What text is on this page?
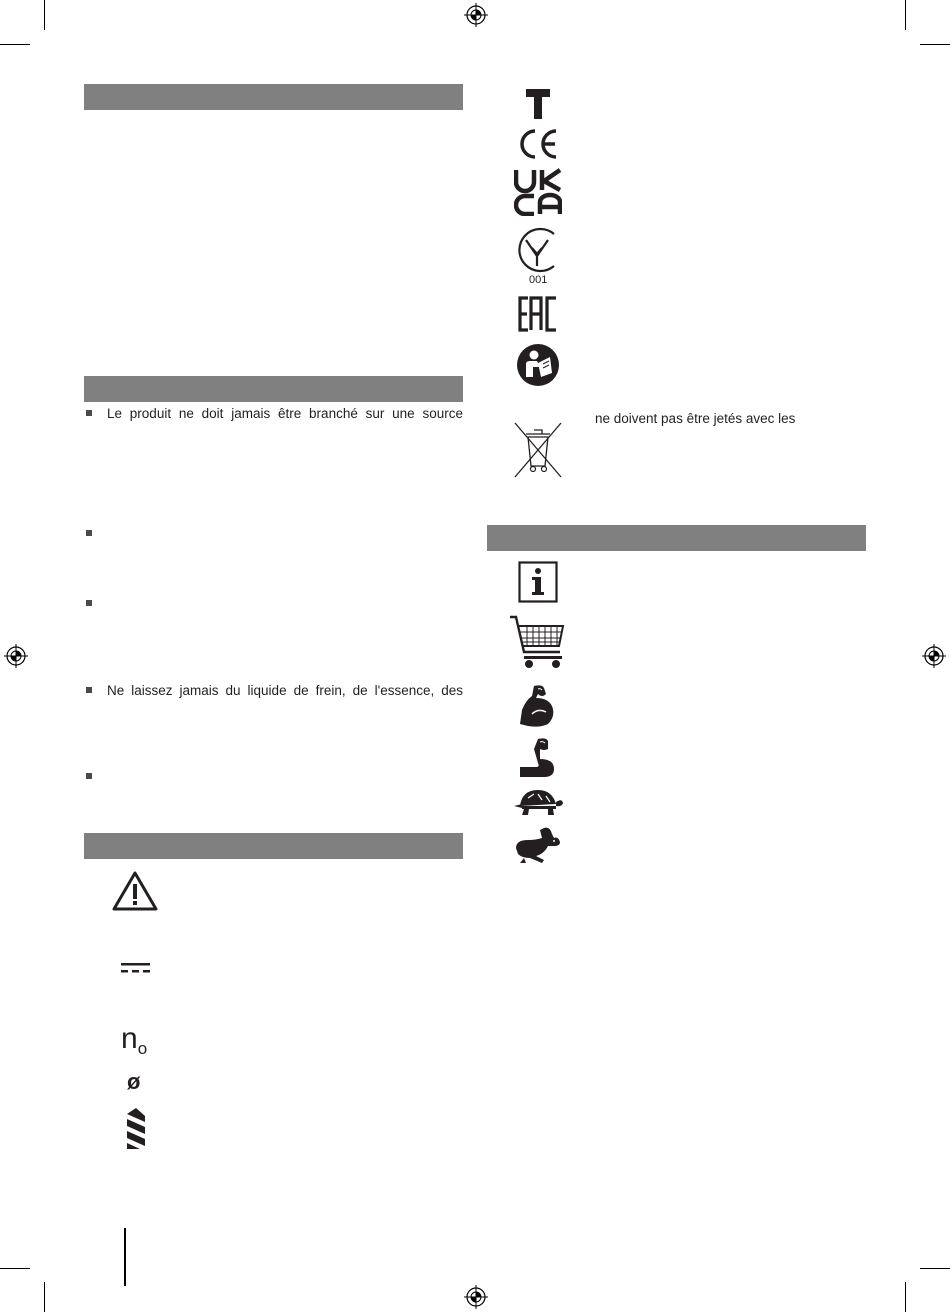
Le produit ne doit jamais être branché sur une source
Ne laissez jamais du liquide de frein, de l'essence, des
$n_o$
ø
001
ne doivent pas être jetés avec les
